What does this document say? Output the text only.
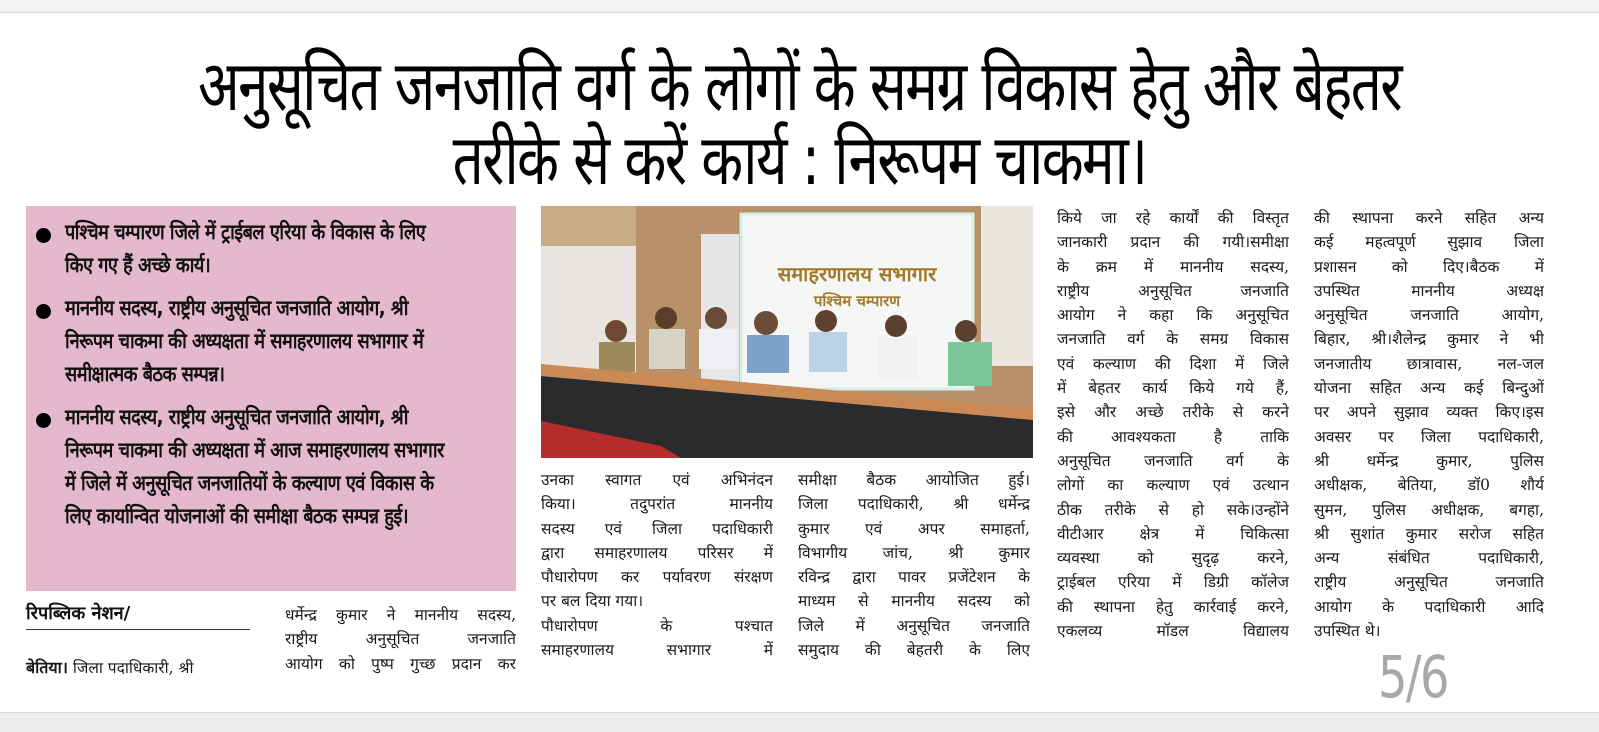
अनुसूचित जनजाति वर्ग के लोगों के समग्र विकास हेतु और बेहतर
तरीके से करें कार्य : निरूपम चाकमा।
पश्चिम चम्पारण जिले में ट्राईबल एरिया के विकास के लिए किए गए हैं अच्छे कार्य।
माननीय सदस्य, राष्ट्रीय अनुसूचित जनजाति आयोग, श्री निरूपम चाकमा की अध्यक्षता में समाहरणालय सभागार में समीक्षात्मक बैठक सम्पन्न।
माननीय सदस्य, राष्ट्रीय अनुसूचित जनजाति आयोग, श्री निरूपम चाकमा की अध्यक्षता में आज समाहरणालय सभागार में जिले में अनुसूचित जनजातियों के कल्याण एवं विकास के लिए कार्यान्वित योजनाओं की समीक्षा बैठक सम्पन्न हुई।
समाहरणालय सभागार
पश्चिम चम्पारण
रिपब्लिक नेशन/
बेतिया। जिला पदाधिकारी, श्री

धर्मेन्द्र कुमार ने माननीय सदस्य,

राष्ट्रीय अनुसूचित जनजाति

आयोग को पुष्प गुच्छ प्रदान कर

उनका स्वागत एवं अभिनंदन

किया। तदुपरांत माननीय

सदस्य एवं जिला पदाधिकारी

द्वारा समाहरणालय परिसर में

पौधारोपण कर पर्यावरण संरक्षण

पर बल दिया गया।

पौधारोपण के पश्चात

समाहरणालय सभागार में

समीक्षा बैठक आयोजित हुई।

जिला पदाधिकारी, श्री धर्मेन्द्र

कुमार एवं अपर समाहर्ता,

विभागीय जांच, श्री कुमार

रविन्द्र द्वारा पावर प्रजेंटेशन के

माध्यम से माननीय सदस्य को

जिले में अनुसूचित जनजाति

समुदाय की बेहतरी के लिए

किये जा रहे कार्यों की विस्तृत

जानकारी प्रदान की गयी।समीक्षा

के क्रम में माननीय सदस्य,

राष्ट्रीय अनुसूचित जनजाति

आयोग ने कहा कि अनुसूचित

जनजाति वर्ग के समग्र विकास

एवं कल्याण की दिशा में जिले

में बेहतर कार्य किये गये हैं,

इसे और अच्छे तरीके से करने

की आवश्यकता है ताकि

अनुसूचित जनजाति वर्ग के

लोगों का कल्याण एवं उत्थान

ठीक तरीके से हो सके।उन्होंने

वीटीआर क्षेत्र में चिकित्सा

व्यवस्था को सुदृढ़ करने,

ट्राईबल एरिया में डिग्री कॉलेज

की स्थापना हेतु कार्रवाई करने,

एकलव्य मॉडल विद्यालय

की स्थापना करने सहित अन्य

कई महत्वपूर्ण सुझाव जिला

प्रशासन को दिए।बैठक में

उपस्थित माननीय अध्यक्ष

अनुसूचित जनजाति आयोग,

बिहार, श्री।शैलेन्द्र कुमार ने भी

जनजातीय छात्रावास, नल-जल

योजना सहित अन्य कई बिन्दुओं

पर अपने सुझाव व्यक्त किए।इस

अवसर पर जिला पदाधिकारी,

श्री धर्मेन्द्र कुमार, पुलिस

अधीक्षक, बेतिया, डॉ0 शौर्य

सुमन, पुलिस अधीक्षक, बगहा,

श्री सुशांत कुमार सरोज सहित

अन्य संबंधित पदाधिकारी,

राष्ट्रीय अनुसूचित जनजाति

आयोग के पदाधिकारी आदि

उपस्थित थे।

5/6
